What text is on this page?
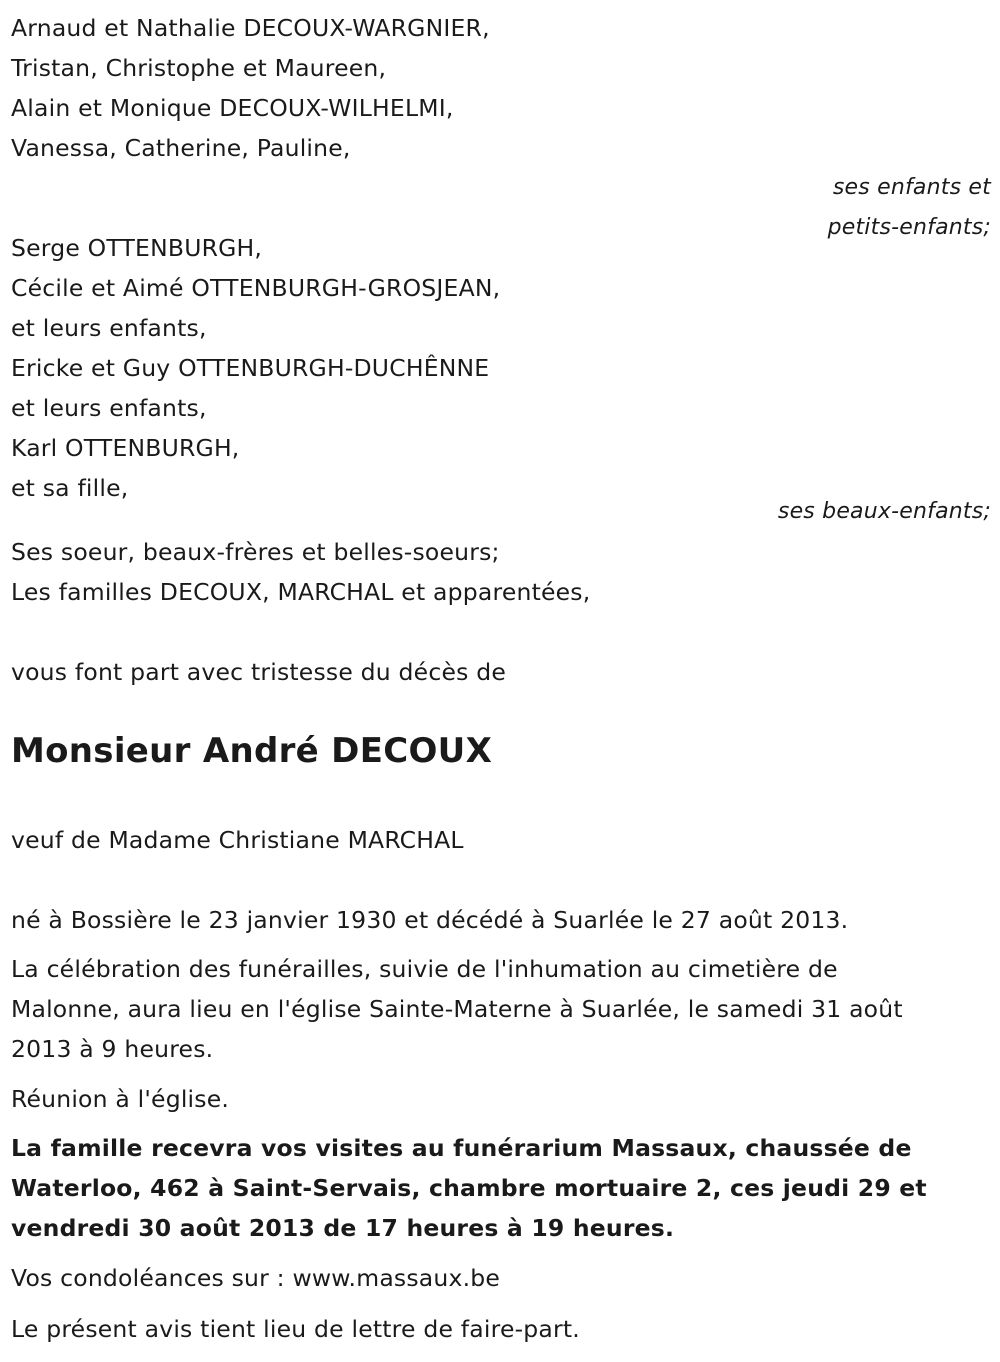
Arnaud et Nathalie DECOUX-WARGNIER,
Tristan, Christophe et Maureen,
Alain et Monique DECOUX-WILHELMI,
Vanessa, Catherine, Pauline,
ses enfants et
petits-enfants;
Serge OTTENBURGH,
Cécile et Aimé OTTENBURGH-GROSJEAN,
et leurs enfants,
Ericke et Guy OTTENBURGH-DUCHÊNNE
et leurs enfants,
Karl OTTENBURGH,
et sa fille,
ses beaux-enfants;
Ses soeur, beaux-frères et belles-soeurs;
Les familles DECOUX, MARCHAL et apparentées,
vous font part avec tristesse du décès de
Monsieur André DECOUX
veuf de Madame Christiane MARCHAL
né à Bossière le 23 janvier 1930 et décédé à Suarlée le 27 août 2013.
La célébration des funérailles, suivie de l'inhumation au cimetière de
Malonne, aura lieu en l'église Sainte-Materne à Suarlée, le samedi 31 août
2013 à 9 heures.
Réunion à l'église.
La famille recevra vos visites au funérarium Massaux, chaussée de
Waterloo, 462 à Saint-Servais, chambre mortuaire 2, ces jeudi 29 et
vendredi 30 août 2013 de 17 heures à 19 heures.
Vos condoléances sur : www.massaux.be
Le présent avis tient lieu de lettre de faire-part.
